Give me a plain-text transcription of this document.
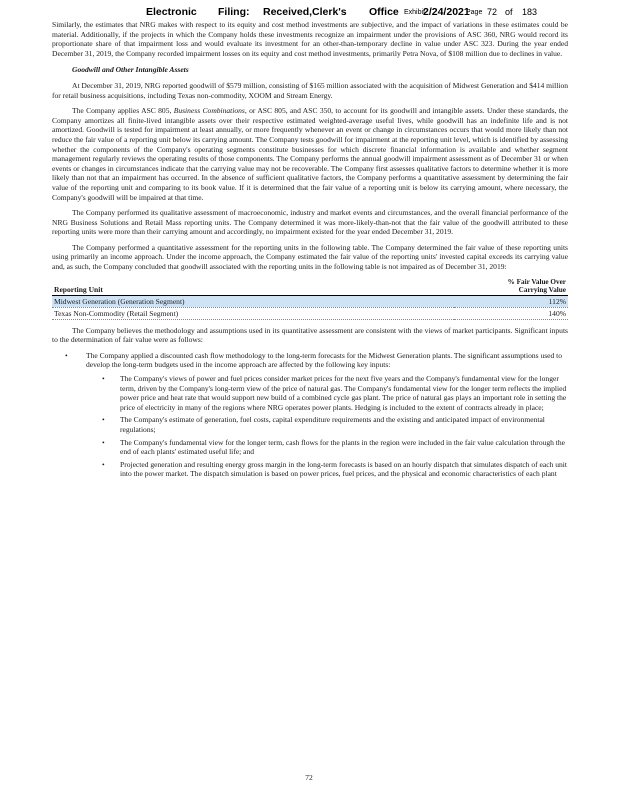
Electronic Filing: Received,Clerk's Office Exhibit
2/24/2021
Page 72 of 183

Similarly, the estimates that NRG makes with respect to its equity and cost method investments are subjective, and the impact of variations in these estimates could be material. Additionally, if the projects in which the Company holds these investments recognize an impairment under the provisions of ASC 360, NRG would record its proportionate share of that impairment loss and would evaluate its investment for an other-than-temporary decline in value under ASC 323. During the year ended December 31, 2019, the Company recorded impairment losses on its equity and cost method investments, primarily Petra Nova, of $108 million due to declines in value.

Goodwill and Other Intangible Assets

At December 31, 2019, NRG reported goodwill of $579 million, consisting of $165 million associated with the acquisition of Midwest Generation and $414 million for retail business acquisitions, including Texas non-commodity, XOOM and Stream Energy.

The Company applies ASC 805, Business Combinations, or ASC 805, and ASC 350, to account for its goodwill and intangible assets. Under these standards, the Company amortizes all finite-lived intangible assets over their respective estimated weighted-average useful lives, while goodwill has an indefinite life and is not amortized. Goodwill is tested for impairment at least annually, or more frequently whenever an event or change in circumstances occurs that would more likely than not reduce the fair value of a reporting unit below its carrying amount. The Company tests goodwill for impairment at the reporting unit level, which is identified by assessing whether the components of the Company's operating segments constitute businesses for which discrete financial information is available and whether segment management regularly reviews the operating results of those components. The Company performs the annual goodwill impairment assessment as of December 31 or when events or changes in circumstances indicate that the carrying value may not be recoverable. The Company first assesses qualitative factors to determine whether it is more likely than not that an impairment has occurred. In the absence of sufficient qualitative factors, the Company performs a quantitative assessment by determining the fair value of the reporting unit and comparing to its book value. If it is determined that the fair value of a reporting unit is below its carrying amount, where necessary, the Company's goodwill will be impaired at that time.

The Company performed its qualitative assessment of macroeconomic, industry and market events and circumstances, and the overall financial performance of the NRG Business Solutions and Retail Mass reporting units. The Company determined it was more-likely-than-not that the fair value of the goodwill attributed to these reporting units were more than their carrying amount and accordingly, no impairment existed for the year ended December 31, 2019.

The Company performed a quantitative assessment for the reporting units in the following table. The Company determined the fair value of these reporting units using primarily an income approach. Under the income approach, the Company estimated the fair value of the reporting units' invested capital exceeds its carrying value and, as such, the Company concluded that goodwill associated with the reporting units in the following table is not impaired as of December 31, 2019:

Reporting Unit	% Fair Value Over
Carrying Value
Midwest Generation (Generation Segment)	112%
Texas Non-Commodity (Retail Segment)	140%

The Company believes the methodology and assumptions used in its quantitative assessment are consistent with the views of market participants. Significant inputs to the determination of fair value were as follows:

• The Company applied a discounted cash flow methodology to the long-term forecasts for the Midwest Generation plants. The significant assumptions used to develop the long-term budgets used in the income approach are affected by the following key inputs:
• The Company's views of power and fuel prices consider market prices for the next five years and the Company's fundamental view for the longer term, driven by the Company's long-term view of the price of natural gas. The Company's fundamental view for the longer term reflects the implied power price and heat rate that would support new build of a combined cycle gas plant. The price of natural gas plays an important role in setting the price of electricity in many of the regions where NRG operates power plants. Hedging is included to the extent of contracts already in place;
• The Company's estimate of generation, fuel costs, capital expenditure requirements and the existing and anticipated impact of environmental regulations;
• The Company's fundamental view for the longer term, cash flows for the plants in the region were included in the fair value calculation through the end of each plants' estimated useful life; and
• Projected generation and resulting energy gross margin in the long-term forecasts is based on an hourly dispatch that simulates dispatch of each unit into the power market. The dispatch simulation is based on power prices, fuel prices, and the physical and economic characteristics of each plant
72
